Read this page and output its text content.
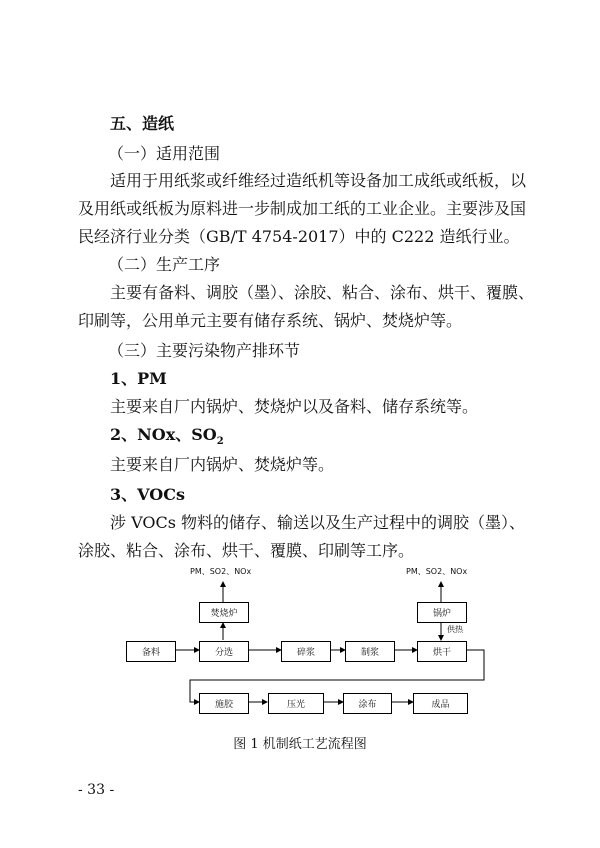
五、造纸
（一）适用范围
适用于用纸浆或纤维经过造纸机等设备加工成纸或纸板，以
及用纸或纸板为原料进一步制成加工纸的工业企业。主要涉及国
民经济行业分类（GB/T 4754-2017）中的 C222 造纸行业。
（二）生产工序
主要有备料、调胶（墨）、涂胶、粘合、涂布、烘干、覆膜、
印刷等，公用单元主要有储存系统、锅炉、焚烧炉等。
（三）主要污染物产排环节
1、PM
主要来自厂内锅炉、焚烧炉以及备料、储存系统等。
2、NOx、$SO_2$
主要来自厂内锅炉、焚烧炉等。
3、VOCs
涉 VOCs 物料的储存、输送以及生产过程中的调胶（墨）、
涂胶、粘合、涂布、烘干、覆膜、印刷等工序。
PM、SO2、NOx	PM、SO2、NOx
焚烧炉	锅炉
供热
备料	分选	碎浆	制浆	烘干
施胶	压光	涂布	成品
图 1 机制纸工艺流程图
- 33 -
